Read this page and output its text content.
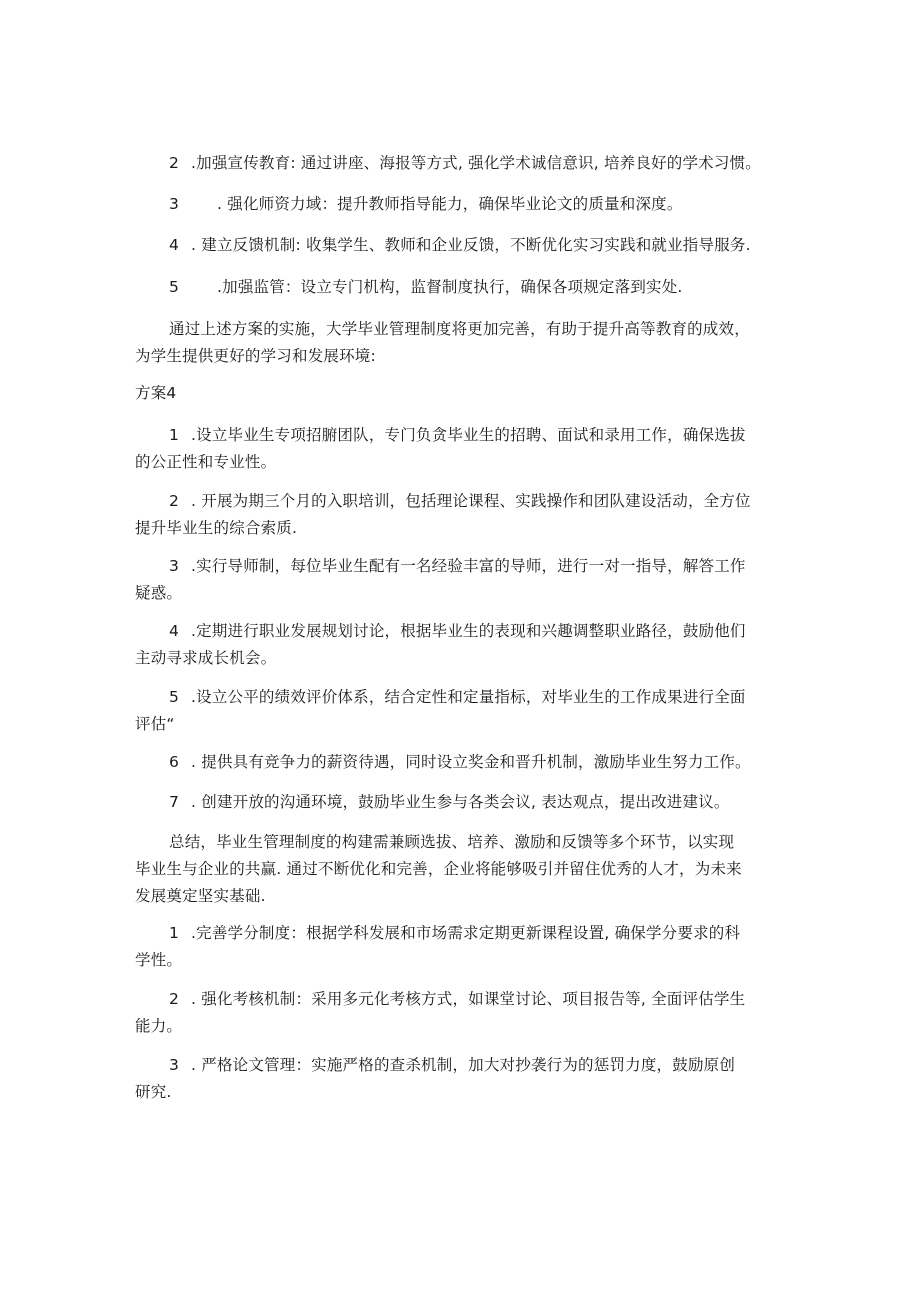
2 .加强宣传教育: 通过讲座、海报等方式, 强化学术诚信意识, 培养良好的学术习惯。
3 . 强化师资力域：提升教师指导能力，确保毕业论文的质量和深度。
4 . 建立反馈机制: 收集学生、教师和企业反馈，不断优化实习实践和就业指导服务.
5 .加强监管：设立专门机构，监督制度执行，确保各项规定落到实处.
通过上述方案的实施，大学毕业管理制度将更加完善，有助于提升高等教育的成效，
为学生提供更好的学习和发展环境:
方案4
1 .设立毕业生专项招腑团队，专门负贪毕业生的招聘、面试和录用工作，确保选拔
的公正性和专业性。
2 . 开展为期三个月的入职培训，包括理论课程、实践操作和团队建设活动，全方位
提升毕业生的综合索质.
3 .实行导师制，每位毕业生配有一名经验丰富的导师，进行一对一指导，解答工作
疑惑。
4 .定期进行职业发展规划讨论，根据毕业生的表现和兴趣调整职业路径，鼓励他们
主动寻求成长机会。
5 .设立公平的绩效评价体系，结合定性和定量指标，对毕业生的工作成果进行全面
评估“
6 . 提供具有竞争力的薪资待遇，同时设立奖金和晋升机制，激励毕业生努力工作。
7 . 创建开放的沟通环境，鼓励毕业生参与各类会议, 表达观点，提出改进建议。
总结，毕业生管理制度的构建需兼顾选拔、培养、激励和反馈等多个环节，以实现
毕业生与企业的共赢. 通过不断优化和完善，企业将能够吸引并留住优秀的人才，为未来
发展奠定坚实基础.
1 .完善学分制度：根据学科发展和市场需求定期更新课程设置, 确保学分要求的科
学性。
2 . 强化考核机制：采用多元化考核方式，如课堂讨论、项目报告等, 全面评估学生
能力。
3 . 严格论文管理：实施严格的查杀机制，加大对抄袭行为的惩罚力度，鼓励原创
研究.
